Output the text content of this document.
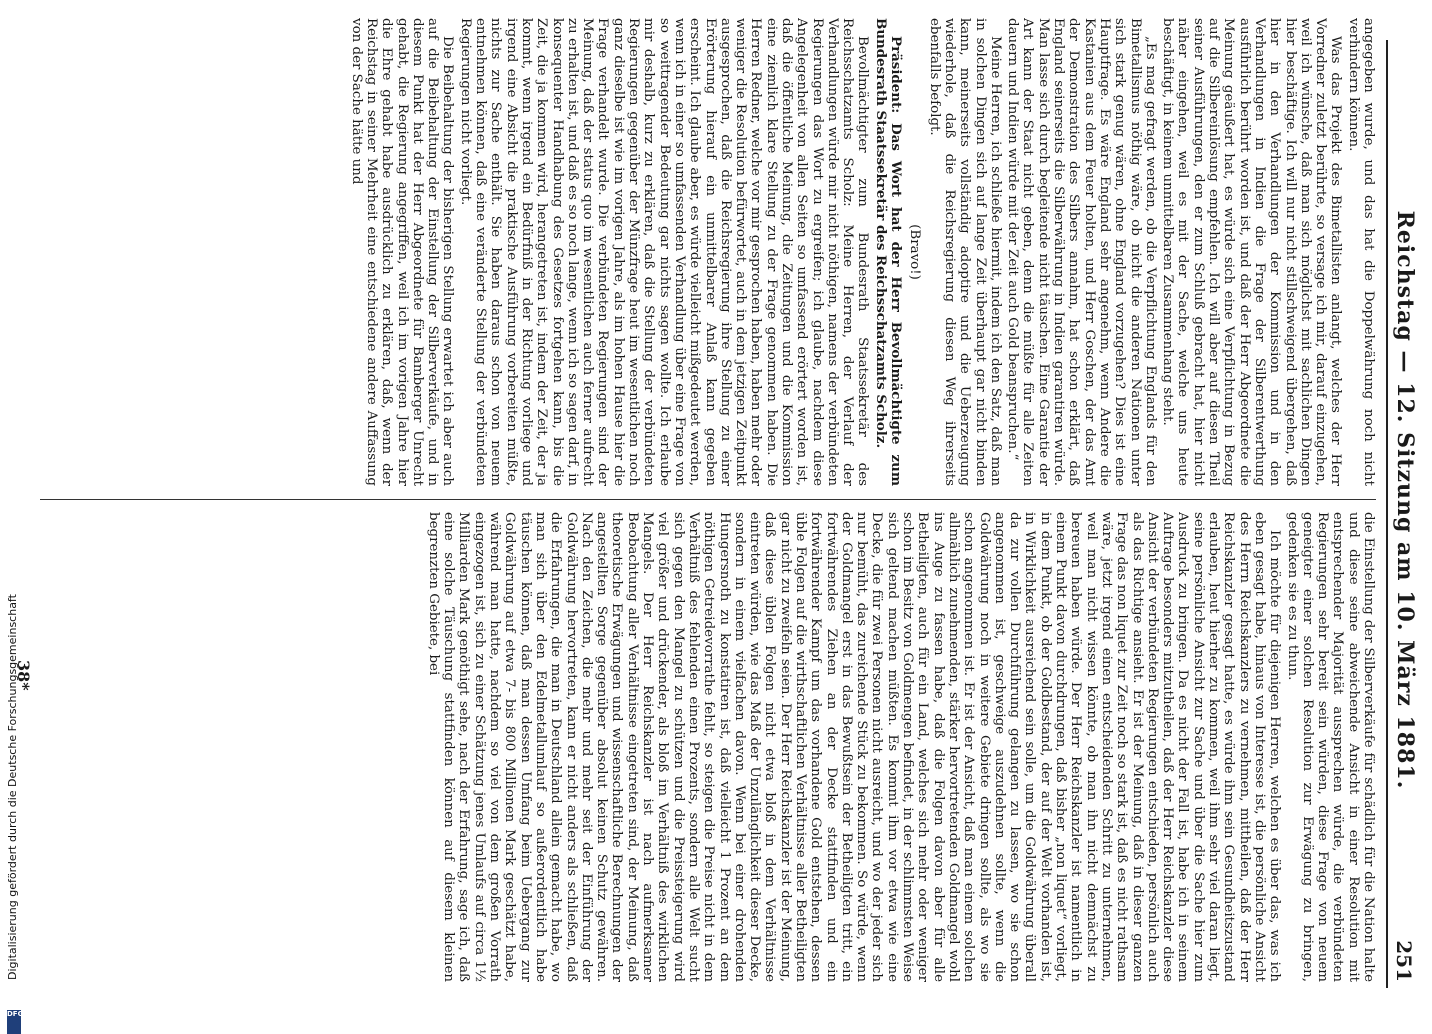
Reichstag — 12. Sitzung am 10. März 1881.
251

angegeben wurde, und das hat die Doppelwährung noch nicht verhindern können.

Was das Projekt des Bimetallisten anlangt, welches der Herr Vorredner zuletzt berührte, so versage ich mir, darauf einzugehen, weil ich wünsche, daß man sich möglichst mit sachlichen Dingen hier beschäftige. Ich will nur nicht stillschweigend übergehen, daß hier in den Verhandlungen der Kommission und in den Verhandlungen in Indien die Frage der Silberentwerthung ausführlich berührt worden ist, und daß der Herr Abgeordnete die Meinung geäußert hat, es würde sich eine Verpflichtung in Bezug auf die Silbereinlösung empfehlen. Ich will aber auf diesen Theil seiner Ausführungen, den er zum Schluß gebracht hat, hier nicht näher eingehen, weil es mit der Sache, welche uns heute beschäftigt, in keinem unmittelbaren Zusammenhang steht.

„Es mag gefragt werden, ob die Verpflichtung Englands für den Bimetallismus nöthig wäre, ob nicht die anderen Nationen unter sich stark genug wären, ohne England vorzugehen? Dies ist eine Hauptfrage. Es wäre England sehr angenehm, wenn Andere die Kastanien aus dem Feuer holten, und Herr Goschen, der das Amt der Demonstration des Silbers annahm, hat schon erklärt, daß England seinerseits die Silberwährung in Indien garantiren würde. Man lasse sich durch begleitende nicht täuschen. Eine Garantie der Art kann der Staat nicht geben, denn die müßte für alle Zeiten dauern und Indien würde mit der Zeit auch Gold beanspruchen.“

Meine Herren, ich schließe hiermit, indem ich den Satz, daß man in solchen Dingen sich auf lange Zeit überhaupt gar nicht binden kann, meinerseits vollständig adoptire und die Ueberzeugung wiederhole, daß die Reichsregierung diesen Weg ihrerseits ebenfalls befolgt.

(Bravo!)

Präsident: Das Wort hat der Herr Bevollmächtigte zum Bundesrath Staatssekretär des Reichsschatzamts Scholz.

Bevollmächtigter zum Bundesrath Staatssekretär des Reichsschatzamts Scholz: Meine Herren, der Verlauf der Verhandlungen würde mir nicht nöthigen, namens der verbündeten Regierungen das Wort zu ergreifen; ich glaube, nachdem diese Angelegenheit von allen Seiten so umfassend erörtert worden ist, daß die öffentliche Meinung, die Zeitungen und die Kommission eine ziemlich klare Stellung zu der Frage genommen haben. Die Herren Redner, welche vor mir gesprochen haben, haben mehr oder weniger die Resolution befürwortet, auch in dem jetzigen Zeitpunkt ausgesprochen, daß die Reichsregierung ihre Stellung zu einer Erörterung hierauf ein unmittelbarer Anlaß kann gegeben erscheint. Ich glaube aber, es würde vielleicht mißgedeutet werden, wenn ich in einer so umfassenden Verhandlung über eine Frage von so weittragender Bedeutung gar nichts sagen wollte. Ich erlaube mir deshalb, kurz zu erklären, daß die Stellung der verbündeten Regierungen gegenüber der Münzfrage heut im wesentlichen noch ganz dieselbe ist wie im vorigen Jahre, als im hohen Hause hier die Frage verhandelt wurde. Die verbündeten Regierungen sind der Meinung, daß der status quo im wesentlichen auch ferner aufrecht zu erhalten ist, und daß es so noch lange, wenn ich so sagen darf, in konsequenter Handhabung des Gesetzes fortgehen kann, bis die Zeit, die ja kommen wird, herangetreten ist, indem der Zeit, der ja kommt, wenn irgend ein Bedürfniß in der Richtung vorliege und irgend eine Absicht die praktische Ausführung vorbereiten müßte, nichts zur Sache enthält. Sie haben daraus schon von neuem entnehmen können, daß eine veränderte Stellung der verbündeten Regierungen nicht vorliegt.

Die Beibehaltung der bisherigen Stellung erwartet ich aber auch auf die Beibehaltung der Einstellung der Silberverkäufe, und in diesem Punkt hat der Herr Abgeordnete für Bamberger Unrecht gehabt, die Regierung angegriffen, weil ich im vorigen Jahre hier die Ehre gehabt habe ausdrücklich zu erklären, daß, wenn der Reichstag in seiner Mehrheit eine entschiedene andere Auffassung von der Sache hätte und

die Einstellung der Silberverkäufe für schädlich für die Nation halte und diese seine abweichende Ansicht in einer Resolution mit entsprechender Majorität aussprechen würde, die verbündeten Regierungen sehr bereit sein würden, diese Frage von neuem geneigter einer solchen Resolution zur Erwägung zu bringen, gedenken sie es zu thun.

Ich möchte für diejenigen Herren, welchen es über das, was ich eben gesagt habe, hinaus von Interesse ist, die persönliche Ansicht des Herrn Reichskanzlers zu vernehmen, mittheilen, daß der Herr Reichskanzler gesagt hatte, es würde ihm sein Gesundheitszustand erlauben, heut hierher zu kommen, weil ihm sehr viel daran liegt, seine persönliche Ansicht zur Sache und über die Sache hier zum Ausdruck zu bringen. Da es nicht der Fall ist, habe ich in seinem Auftrage besonders mitzutheilen, daß der Herr Reichskanzler diese Ansicht der verbündeten Regierungen entschieden, persönlich auch als das Richtige ansieht. Er ist der Meinung, daß in dieser ganzen Frage das non liquet zur Zeit noch so stark ist, daß es nicht rathsam wäre, jetzt irgend einen entscheidenden Schritt zu unternehmen, weil man nicht wissen könnte, ob man ihn nicht demnächst zu bereuen haben würde. Der Herr Reichskanzler ist namentlich in einem Punkt davon durchdrungen, daß bisher „non liquet“ vorliegt, in dem Punkt, ob der Goldbestand, der auf der Welt vorhanden ist, in Wirklichkeit ausreichend sein solle, um die Goldwährung überall da zur vollen Durchführung gelangen zu lassen, wo sie schon angenommen ist, geschweige auszudehnen sollte, wenn die Goldwährung noch in weitere Gebiete dringen sollte, als wo sie schon angenommen ist. Er ist der Ansicht, daß man einem solchen allmählich zunehmenden, stärker hervortretenden Goldmangel wohl ins Auge zu fassen habe, daß die Folgen davon aber für alle Betheiligten, auch für ein Land, welches sich mehr oder weniger schon im Besitz von Goldmengen befindet, in der schlimmsten Weise sich geltend machen müßten. Es kommt ihm vor etwa wie eine Decke, die für zwei Personen nicht ausreicht, und wo der jeder sich nur bemüht, das zureichende Stück zu bekommen. So würde, wenn der Goldmangel erst in das Bewußtsein der Betheiligten tritt, ein fortwährendes Ziehen an der Decke stattfinden und ein fortwährender Kampf um das vorhandene Gold entstehen, dessen üble Folgen auf die wirthschaftlichen Verhältnisse aller Betheiligten gar nicht zu zweifeln seien. Der Herr Reichskanzler ist der Meinung, daß diese üblen Folgen nicht etwa bloß in dem Verhältnisse eintreten würden, wie das Maß der Unzulänglichkeit dieser Decke, sondern in einem vielfachen davon. Wenn bei einer drohenden Hungersnoth zu konstatiren ist, daß vielleicht 1 Prozent an dem nöthigen Getreidevorrathe fehlt, so steigen die Preise nicht in dem Verhältniß des fehlenden einen Prozents, sondern alle Welt sucht sich gegen den Mangel zu schützen und die Preissteigerung wird viel größer und drückender, als bloß im Verhältniß des wirklichen Mangels. Der Herr Reichskanzler ist nach aufmerksamer Beobachtung aller Verhältnisse eingetreten sind, der Meinung, daß theoretische Erwägungen und wissenschaftliche Berechnungen der angestellten Sorge gegenüber absolut keinen Schutz gewähren. Nach den Zeichen, die mehr und mehr seit der Einführung der Goldwährung hervortreten, kann er nicht anders als schließen, daß die Erfahrungen, die man in Deutschland allein gemacht habe, wo man sich über den Edelmetallumlauf so außerordentlich habe täuschen können, daß man dessen Umfang beim Uebergang zur Goldwährung auf etwa 7- bis 800 Millionen Mark geschätzt habe, während man hatte, nachdem so viel von dem großen Vorrath eingezogen ist, sich zu einer Schätzung jenes Umlaufs auf circa 1½ Milliarden Mark genöthigt sehe, nach der Erfahrung, sage ich, daß eine solche Täuschung stattfinden können auf diesem kleinen begrenzten Gebiete, bei

38*
Digitalisierung gefördert durch die Deutsche Forschungsgemeinschaft
DFG
